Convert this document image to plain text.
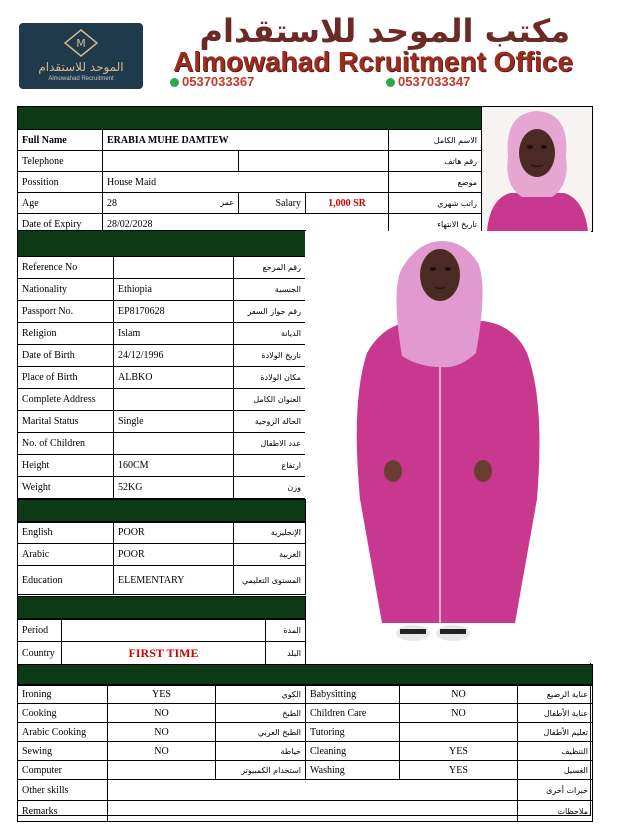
M
الموحد للاستقدام
Almowahad Recruitment
مكتب الموحد للاستقدام
Almowahad Rcruitment Office
0537033367	0537033347
Full Name	ERABIA MUHE DAMTEW			الاسم الكامل
Telephone				رقم هاتف
Possition	House Maid			موضع
Age	28 عمر	Salary	1,000 SR	راتب شهري
Date of Expiry	28/02/2028			تاريخ الانتهاء
Reference No		رقم المرجع
Nationality	Ethiopia	الجنسية
Passport No.	EP8170628	رقم جواز السفر
Religion	Islam	الديانة
Date of Birth	24/12/1996	تاريخ الولادة
Place of Birth	ALBKO	مكان الولادة
Complete Address		العنوان الكامل
Marital Status	Single	الحالة الزوجية
No. of Children		عدد الاطفال
Height	160CM	ارتفاع
Weight	52KG	وزن
English	POOR	الإنجليزية
Arabic	POOR	العربية
Education	ELEMENTARY	المستوى التعليمي
Period		المدة
Country	FIRST TIME	البلد
Ironing	YES	الكوي	Babysitting	NO	عناية الرضيع
Cooking	NO	الطبخ	Children Care	NO	عناية الأطفال
Arabic Cooking	NO	الطبخ العربي	Tutoring		تعليم الأطفال
Sewing	NO	خياطة	Cleaning	YES	التنظيف
Computer		استخدام الكمبيوتر	Washing	YES	الغسيل
Other skills					خبرات أخرى
Remarks					ملاحظات
